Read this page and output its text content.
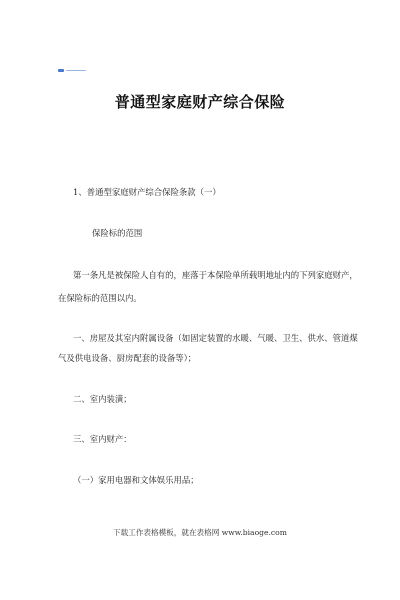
普通型家庭财产综合保险
1、普通型家庭财产综合保险条款（一）
保险标的范围
第一条凡是被保险人自有的，座落于本保险单所载明地址内的下列家庭财产，
在保险标的范围以内。
一、房屋及其室内附属设备（如固定装置的水暖、气暖、卫生、供水、管道煤
气及供电设备、厨房配套的设备等）；
二、室内装潢；
三、室内财产：
（一）家用电器和文体娱乐用品；
下载工作表格模板，就在表格网 www.biaoge.com
